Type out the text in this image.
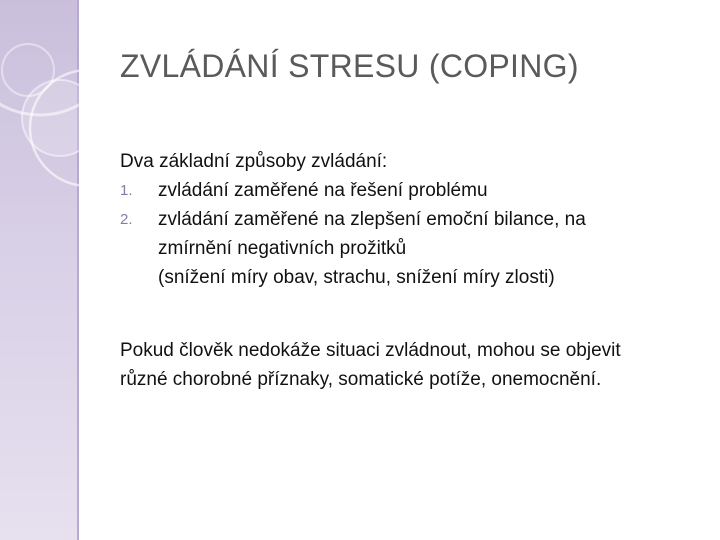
ZVLÁDÁNÍ STRESU (COPING)

Dva základní způsoby zvládání:

1.	zvládání zaměřené na řešení problému
2.	zvládání zaměřené na zlepšení emoční bilance, na
zmírnění negativních prožitků
(snížení míry obav, strachu, snížení míry zlosti)

Pokud člověk nedokáže situaci zvládnout, mohou se objevit
různé chorobné příznaky, somatické potíže, onemocnění.
